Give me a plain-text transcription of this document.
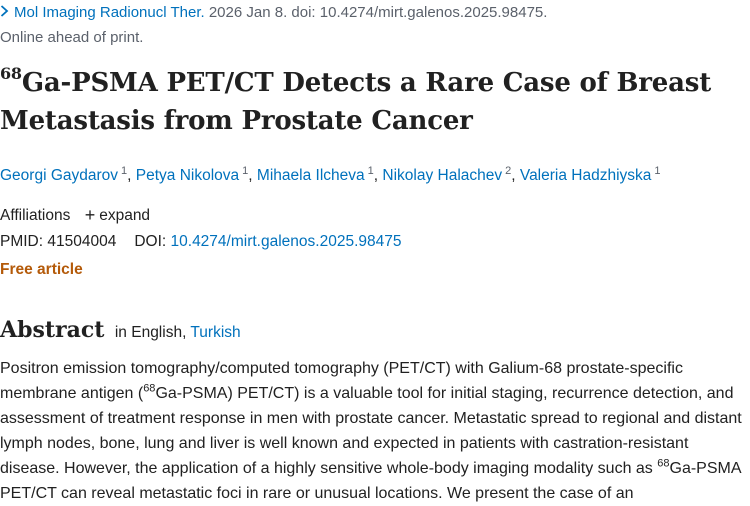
Mol Imaging Radionucl Ther. 2026 Jan 8. doi: 10.4274/mirt.galenos.2025.98475.
Online ahead of print.
$^{68}$Ga-PSMA PET/CT Detects a Rare Case of Breast
Metastasis from Prostate Cancer
Georgi Gaydarov $^1$, Petya Nikolova $^1$, Mihaela Ilcheva $^1$, Nikolay Halachev $^2$, Valeria Hadzhiyska $^1$
Affiliations + expand
PMID: 41504004 DOI: 10.4274/mirt.galenos.2025.98475
Free article
Abstract in English, Turkish

Positron emission tomography/computed tomography (PET/CT) with Galium-68 prostate-specific membrane antigen ($^{68}$Ga-PSMA) PET/CT) is a valuable tool for initial staging, recurrence detection, and assessment of treatment response in men with prostate cancer. Metastatic spread to regional and distant lymph nodes, bone, lung and liver is well known and expected in patients with castration-resistant disease. However, the application of a highly sensitive whole-body imaging modality such as $^{68}$Ga-PSMA PET/CT can reveal metastatic foci in rare or unusual locations. We present the case of an
